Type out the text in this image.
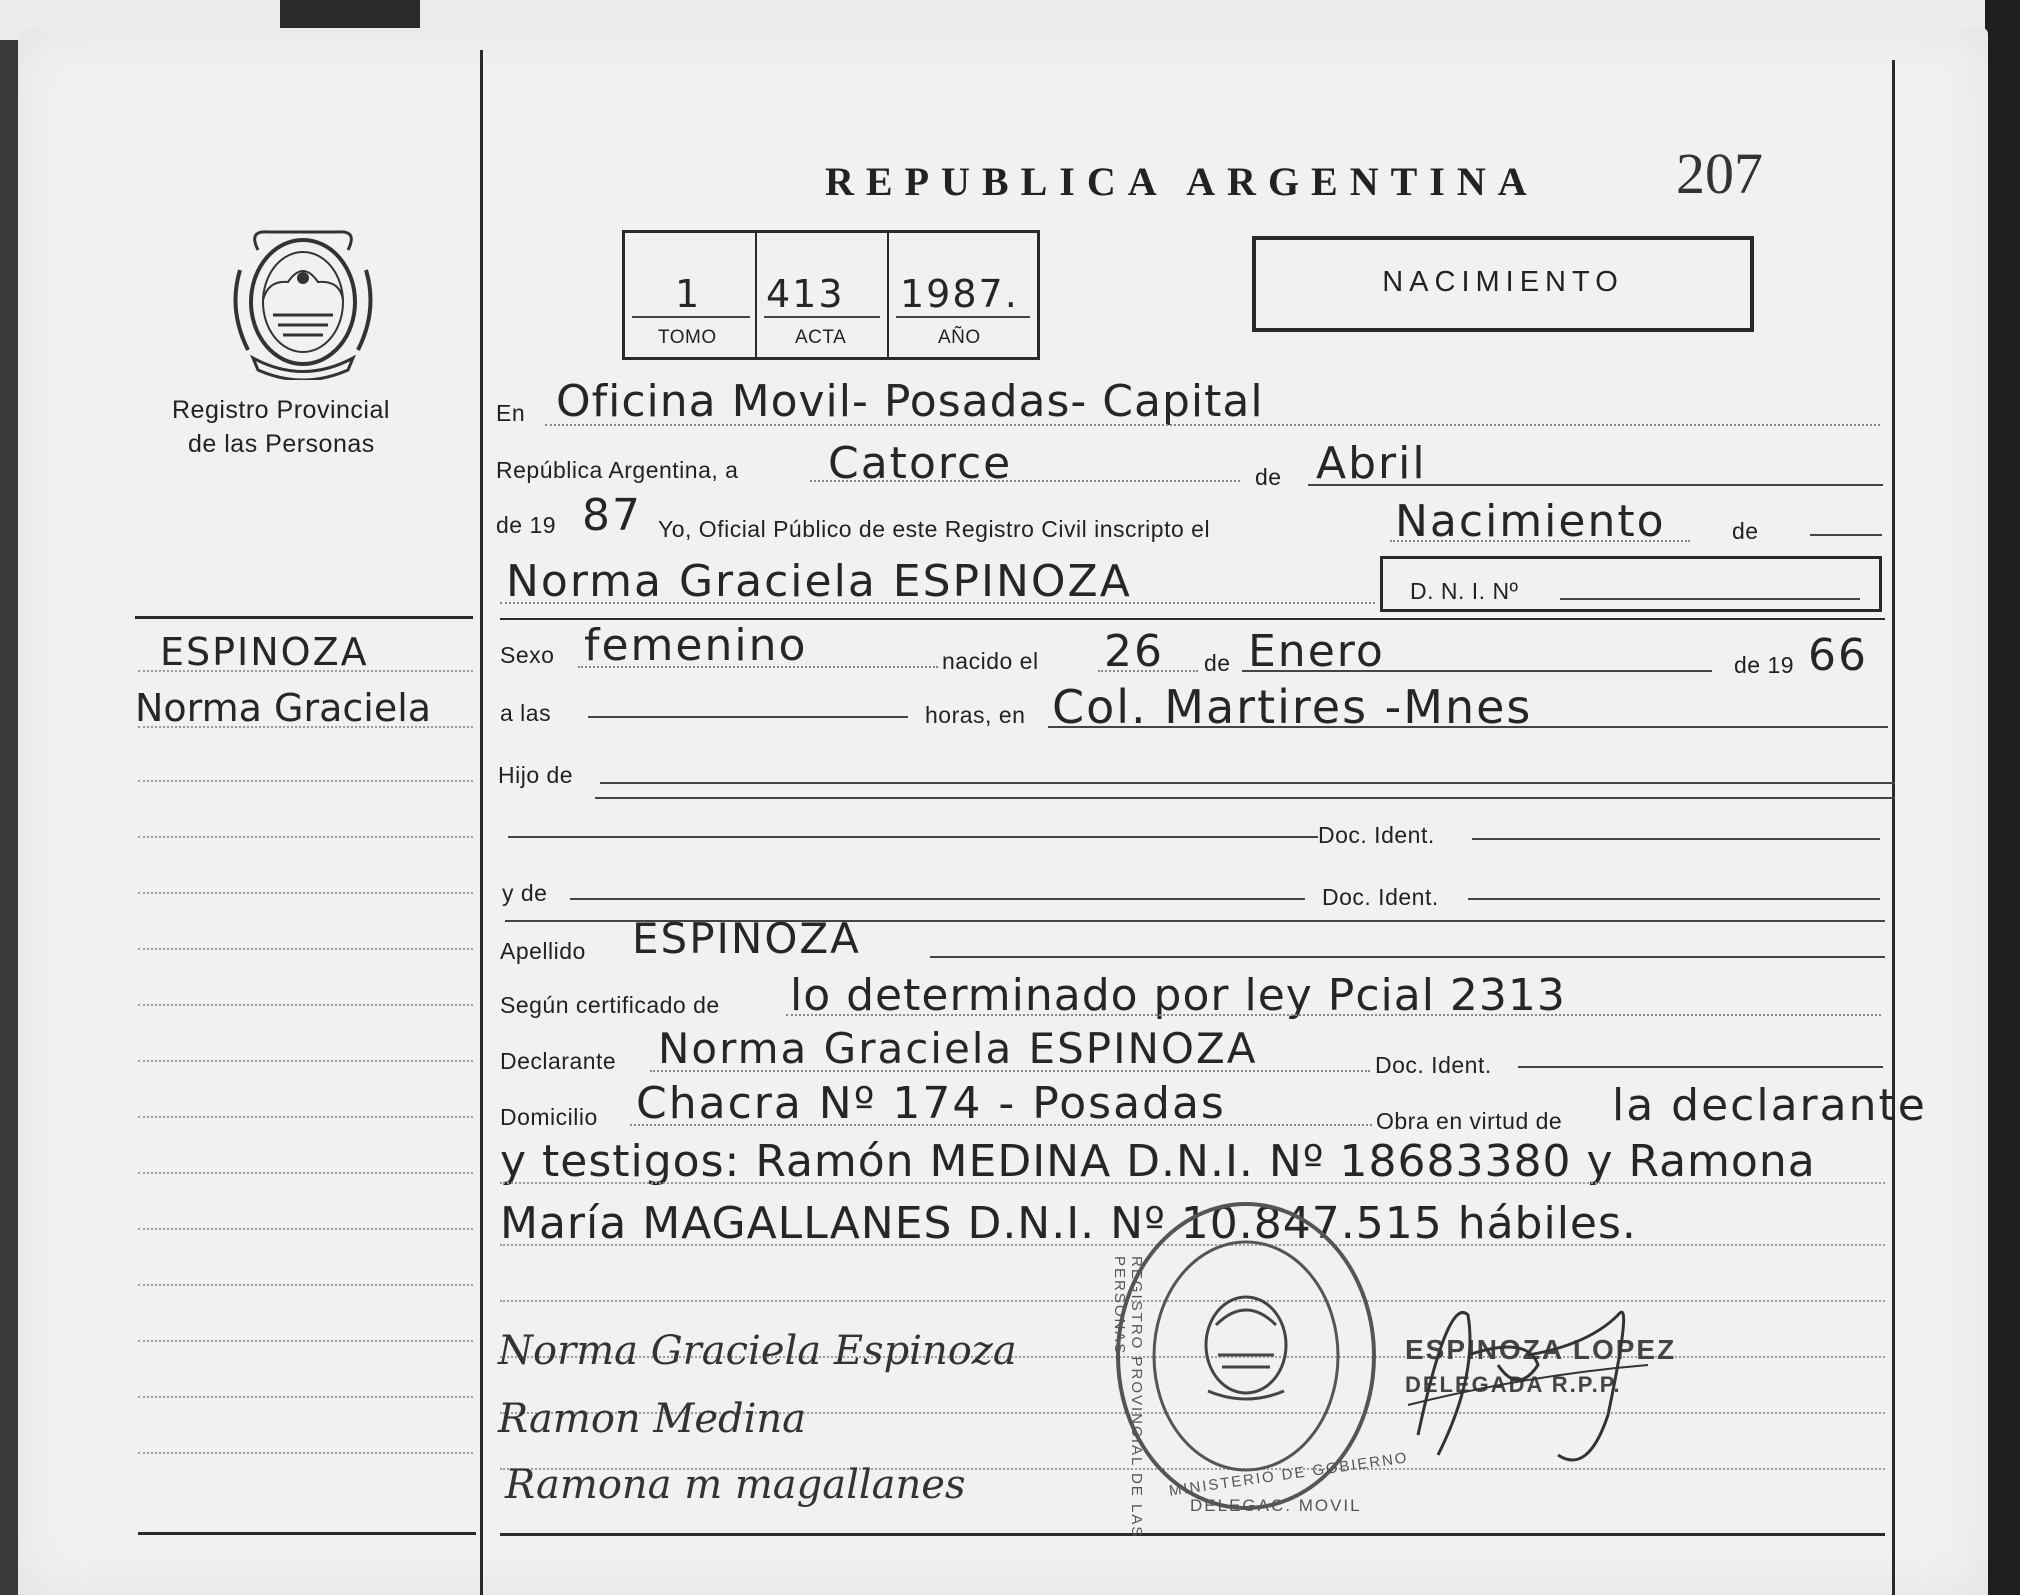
Registro Provincial
de las Personas
REPUBLICA ARGENTINA 207
1 413 1987.
TOMO	ACTA	AÑO
NACIMIENTO
ESPINOZA
Norma Graciela
En Oficina Movil- Posadas- Capital
República Argentina, a Catorce	de Abril
de 19 87 Yo, Oficial Público de este Registro Civil inscripto el	Nacimiento	de
Norma Graciela ESPINOZA	D. N. I. Nº
Sexo femenino	nacido el 26 de Enero	de 19 66
a las	horas, en Col. Martires -Mnes
Hijo de
Doc. Ident.
y de	Doc. Ident.
Apellido ESPINOZA
Según certificado de lo determinado por ley Pcial 2313
Declarante Norma Graciela ESPINOZA	Doc. Ident.
Domicilio Chacra Nº 174 - Posadas	Obra en virtud de la declarante
y testigos: Ramón MEDINA D.N.I. Nº 18683380 y Ramona
María MAGALLANES D.N.I. Nº 10.847.515 hábiles.
Norma Graciela Espinoza
Ramon Medina
Ramona m magallanes	REGISTRO PROVINCIAL DE LAS PERSONAS
MINISTERIO DE GOBIERNO
DELEGAC. MOVIL
ESPINOZA LOPEZ
DELEGADA R.P.P.
